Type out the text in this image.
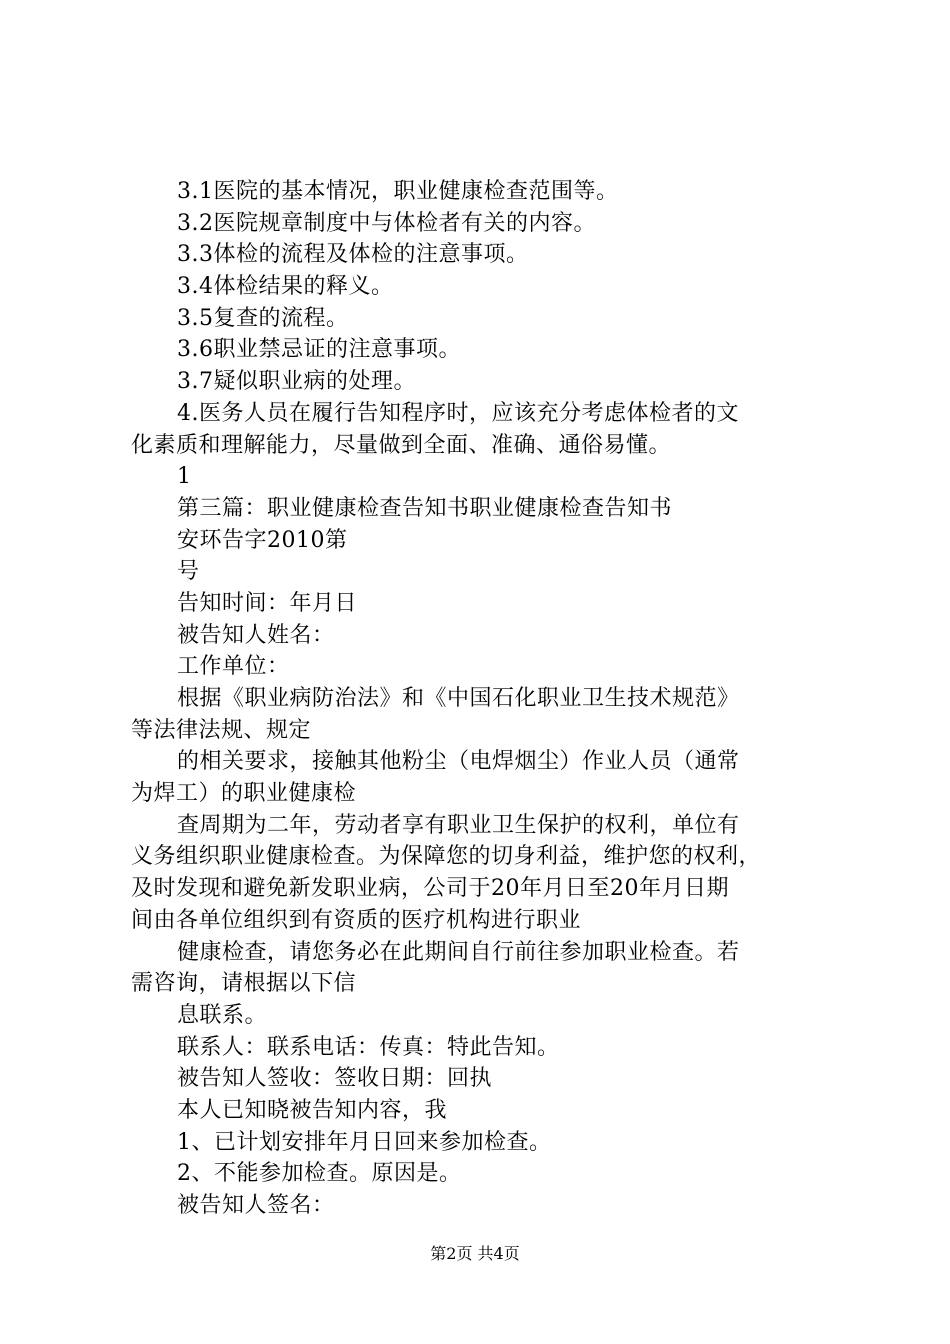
3.1医院的基本情况，职业健康检查范围等。
3.2医院规章制度中与体检者有关的内容。
3.3体检的流程及体检的注意事项。
3.4体检结果的释义。
3.5复查的流程。
3.6职业禁忌证的注意事项。
3.7疑似职业病的处理。
4.医务人员在履行告知程序时，应该充分考虑体检者的文
化素质和理解能力，尽量做到全面、准确、通俗易懂。
1
第三篇：职业健康检查告知书职业健康检查告知书
安环告字2010第
号
告知时间：年月日
被告知人姓名：
工作单位：
根据《职业病防治法》和《中国石化职业卫生技术规范》
等法律法规、规定
的相关要求，接触其他粉尘（电焊烟尘）作业人员（通常
为焊工）的职业健康检
查周期为二年，劳动者享有职业卫生保护的权利，单位有
义务组织职业健康检查。为保障您的切身利益，维护您的权利，
及时发现和避免新发职业病，公司于20年月日至20年月日期
间由各单位组织到有资质的医疗机构进行职业
健康检查，请您务必在此期间自行前往参加职业检查。若
需咨询，请根据以下信
息联系。
联系人：联系电话：传真：特此告知。
被告知人签收：签收日期：回执
本人已知晓被告知内容，我
1、已计划安排年月日回来参加检查。
2、不能参加检查。原因是。
被告知人签名：
第2页 共4页
